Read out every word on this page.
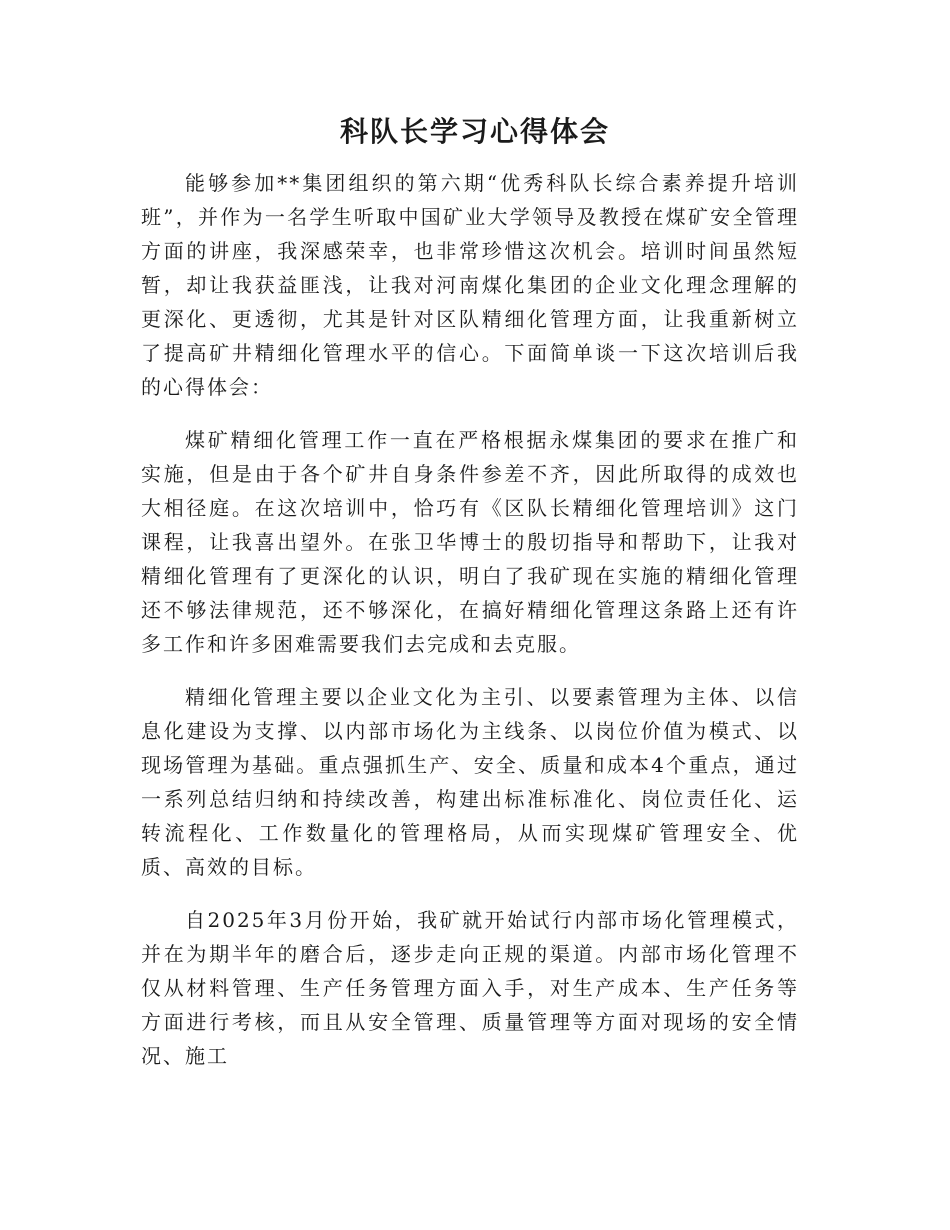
科队长学习心得体会

能够参加**集团组织的第六期“优秀科队长综合素养提升培训班”，并作为一名学生听取中国矿业大学领导及教授在煤矿安全管理方面的讲座，我深感荣幸，也非常珍惜这次机会。培训时间虽然短暂，却让我获益匪浅，让我对河南煤化集团的企业文化理念理解的更深化、更透彻，尤其是针对区队精细化管理方面，让我重新树立了提高矿井精细化管理水平的信心。下面简单谈一下这次培训后我的心得体会：

煤矿精细化管理工作一直在严格根据永煤集团的要求在推广和实施，但是由于各个矿井自身条件参差不齐，因此所取得的成效也大相径庭。在这次培训中，恰巧有《区队长精细化管理培训》这门课程，让我喜出望外。在张卫华博士的殷切指导和帮助下，让我对精细化管理有了更深化的认识，明白了我矿现在实施的精细化管理还不够法律规范，还不够深化，在搞好精细化管理这条路上还有许多工作和许多困难需要我们去完成和去克服。

精细化管理主要以企业文化为主引、以要素管理为主体、以信息化建设为支撑、以内部市场化为主线条、以岗位价值为模式、以现场管理为基础。重点强抓生产、安全、质量和成本4个重点，通过一系列总结归纳和持续改善，构建出标准标准化、岗位责任化、运转流程化、工作数量化的管理格局，从而实现煤矿管理安全、优质、高效的目标。

自2025年3月份开始，我矿就开始试行内部市场化管理模式，并在为期半年的磨合后，逐步走向正规的渠道。内部市场化管理不仅从材料管理、生产任务管理方面入手，对生产成本、生产任务等方面进行考核，而且从安全管理、质量管理等方面对现场的安全情况、施工
